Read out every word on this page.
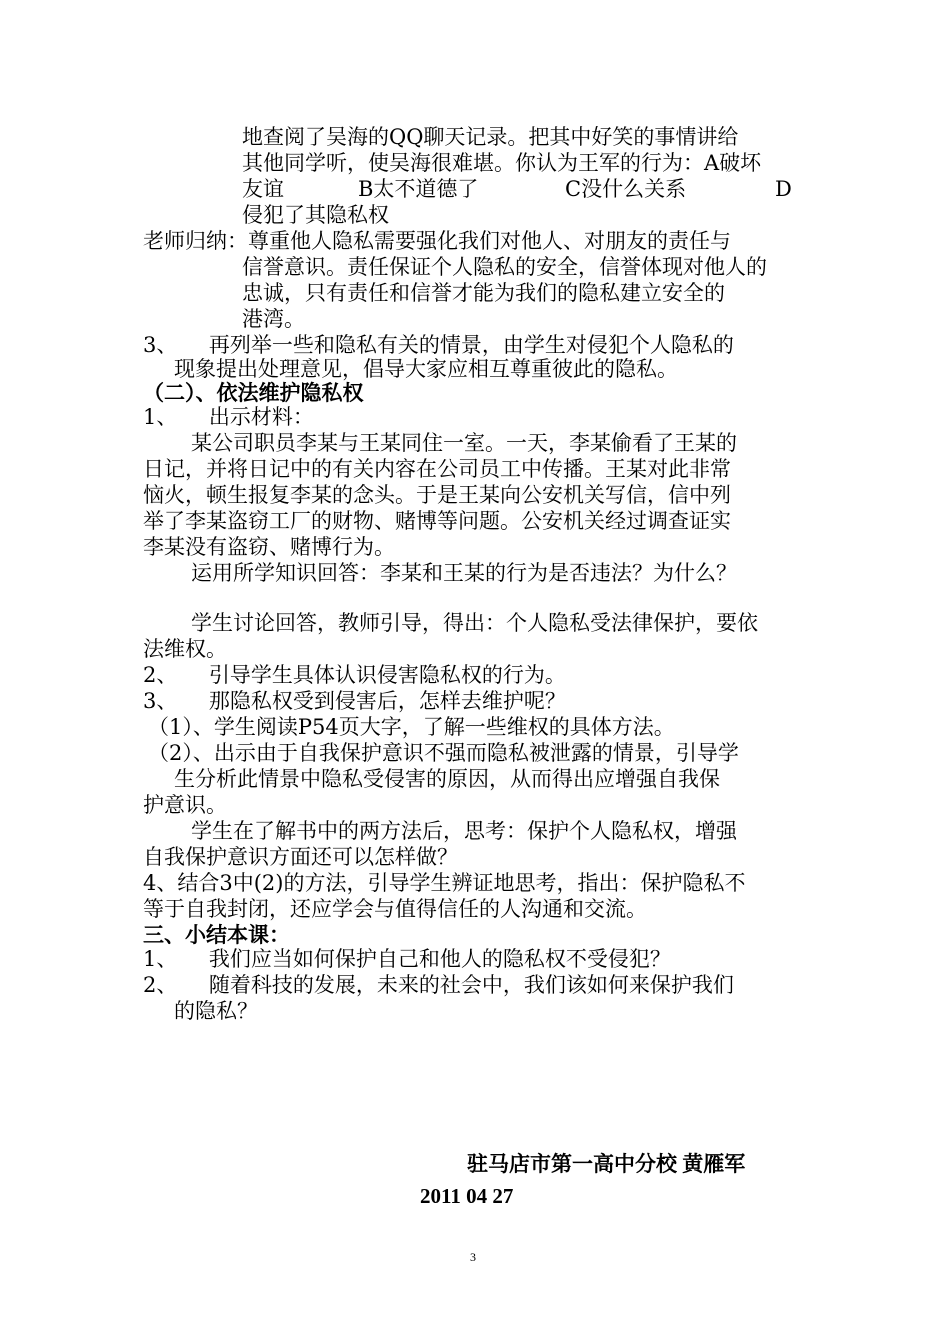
地查阅了吴海的QQ聊天记录。把其中好笑的事情讲给
其他同学听，使吴海很难堪。你认为王军的行为：A破坏
友谊	B太不道德了	C没什么关系	D
侵犯了其隐私权
老师归纳：尊重他人隐私需要强化我们对他人、对朋友的责任与
信誉意识。责任保证个人隐私的安全，信誉体现对他人的
忠诚，只有责任和信誉才能为我们的隐私建立安全的
港湾。
3、　　再列举一些和隐私有关的情景，由学生对侵犯个人隐私的
现象提出处理意见，倡导大家应相互尊重彼此的隐私。
（二）、依法维护隐私权
1、　　出示材料：
某公司职员李某与王某同住一室。一天，李某偷看了王某的
日记，并将日记中的有关内容在公司员工中传播。王某对此非常
恼火，顿生报复李某的念头。于是王某向公安机关写信，信中列
举了李某盗窃工厂的财物、赌博等问题。公安机关经过调查证实
李某没有盗窃、赌博行为。
运用所学知识回答：李某和王某的行为是否违法？为什么？
学生讨论回答，教师引导，得出：个人隐私受法律保护，要依
法维权。
2、　　引导学生具体认识侵害隐私权的行为。
3、　　那隐私权受到侵害后，怎样去维护呢？
（1）、学生阅读P54页大字，了解一些维权的具体方法。
（2）、出示由于自我保护意识不强而隐私被泄露的情景，引导学
生分析此情景中隐私受侵害的原因，从而得出应增强自我保
护意识。
学生在了解书中的两方法后，思考：保护个人隐私权，增强
自我保护意识方面还可以怎样做？
4、结合3中(2)的方法，引导学生辨证地思考，指出：保护隐私不
等于自我封闭，还应学会与值得信任的人沟通和交流。
三、小结本课：
1、　　我们应当如何保护自己和他人的隐私权不受侵犯？
2、　　随着科技的发展，未来的社会中，我们该如何来保护我们
的隐私？
驻马店市第一高中分校 黄雁军
2011 04 27
3
